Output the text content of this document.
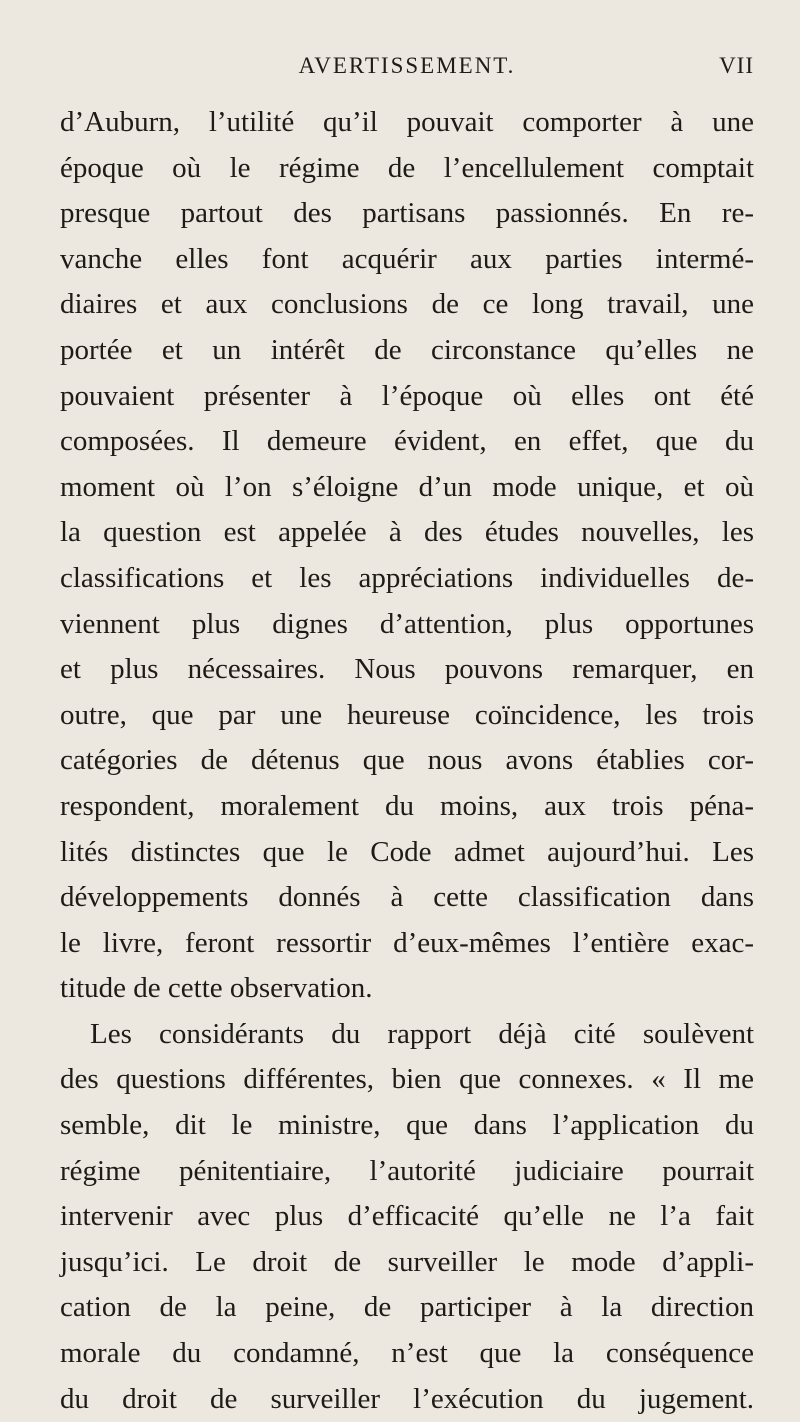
AVERTISSEMENT.	VII
d’Auburn, l’utilité qu’il pouvait comporter à une
époque où le régime de l’encellulement comptait
presque partout des partisans passionnés. En re-
vanche elles font acquérir aux parties intermé-
diaires et aux conclusions de ce long travail, une
portée et un intérêt de circonstance qu’elles ne
pouvaient présenter à l’époque où elles ont été
composées. Il demeure évident, en effet, que du
moment où l’on s’éloigne d’un mode unique, et où
la question est appelée à des études nouvelles, les
classifications et les appréciations individuelles de-
viennent plus dignes d’attention, plus opportunes
et plus nécessaires. Nous pouvons remarquer, en
outre, que par une heureuse coïncidence, les trois
catégories de détenus que nous avons établies cor-
respondent, moralement du moins, aux trois péna-
lités distinctes que le Code admet aujourd’hui. Les
développements donnés à cette classification dans
le livre, feront ressortir d’eux-mêmes l’entière exac-
titude de cette observation.
Les considérants du rapport déjà cité soulèvent
des questions différentes, bien que connexes. « Il me
semble, dit le ministre, que dans l’application du
régime pénitentiaire, l’autorité judiciaire pourrait
intervenir avec plus d’efficacité qu’elle ne l’a fait
jusqu’ici. Le droit de surveiller le mode d’appli-
cation de la peine, de participer à la direction
morale du condamné, n’est que la conséquence
du droit de surveiller l’exécution du jugement.
